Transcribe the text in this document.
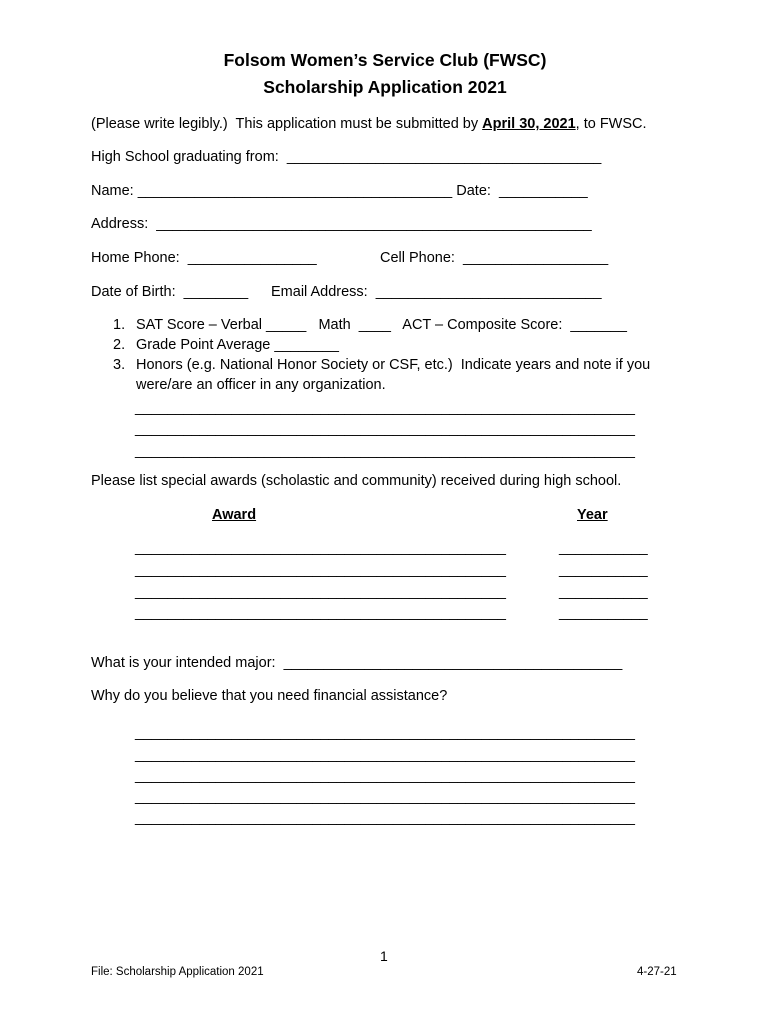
Folsom Women’s Service Club (FWSC)
Scholarship Application 2021
(Please write legibly.)  This application must be submitted by April 30, 2021, to FWSC.
High School graduating from:  _______________________________________
Name: _______________________________________ Date:  ___________
Address:  ______________________________________________________
Home Phone:  ________________	Cell Phone:  __________________
Date of Birth:  ________ Email Address:  ____________________________
1. SAT Score – Verbal _____   Math  ____   ACT – Composite Score:  _______
2. Grade Point Average ________
3. Honors (e.g. National Honor Society or CSF, etc.)  Indicate years and note if you
were/are an officer in any organization.
______________________________________________________________
______________________________________________________________
______________________________________________________________
Please list special awards (scholastic and community) received during high school.
Award	Year
______________________________________________	___________
______________________________________________	___________
______________________________________________	___________
______________________________________________	___________
What is your intended major:  __________________________________________
Why do you believe that you need financial assistance?
______________________________________________________________
______________________________________________________________
______________________________________________________________
______________________________________________________________
______________________________________________________________
1
File: Scholarship Application 2021	4-27-21
